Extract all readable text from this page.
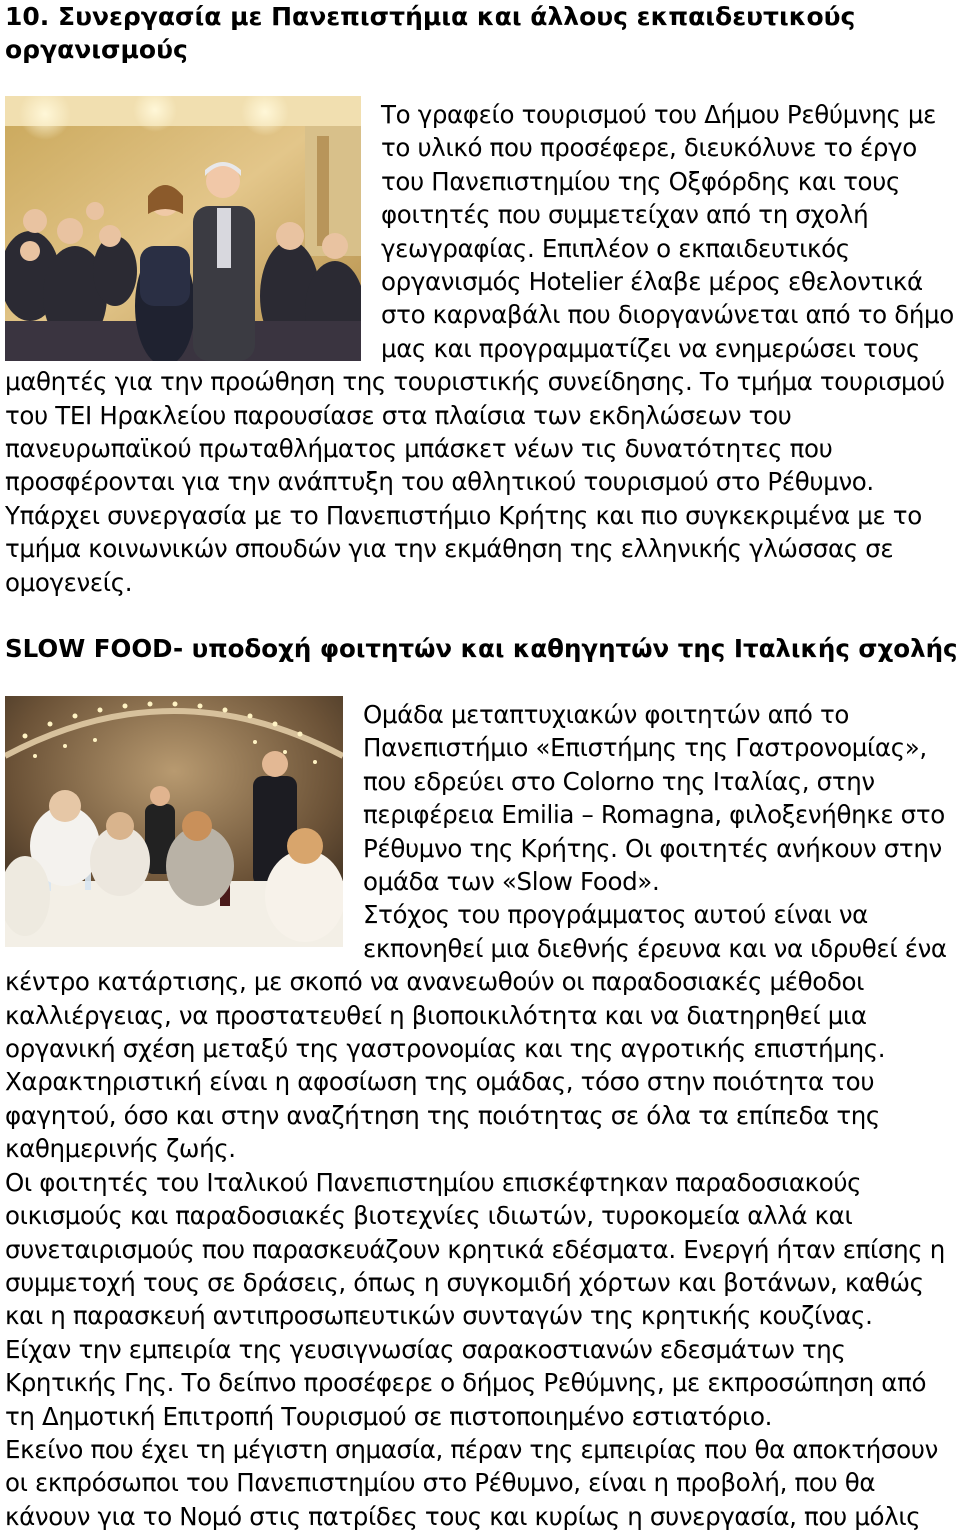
10. Συνεργασία με Πανεπιστήμια και άλλους εκπαιδευτικούς οργανισμούς

Το γραφείο τουρισμού του Δήμου Ρεθύμνης με το υλικό που προσέφερε, διευκόλυνε το έργο του Πανεπιστημίου της Οξφόρδης και τους φοιτητές που συμμετείχαν από τη σχολή γεωγραφίας. Επιπλέον ο εκπαιδευτικός οργανισμός Hotelier έλαβε μέρος εθελοντικά στο καρναβάλι που διοργανώνεται από το δήμο μας και προγραμματίζει να ενημερώσει τους μαθητές για την προώθηση της τουριστικής συνείδησης. Το τμήμα τουρισμού του ΤΕΙ Ηρακλείου παρουσίασε στα πλαίσια των εκδηλώσεων του πανευρωπαϊκού πρωταθλήματος μπάσκετ νέων τις δυνατότητες που προσφέρονται για την ανάπτυξη του αθλητικού τουρισμού στο Ρέθυμνο. Υπάρχει συνεργασία με το Πανεπιστήμιο Κρήτης και πιο συγκεκριμένα με το τμήμα κοινωνικών σπουδών για την εκμάθηση της ελληνικής γλώσσας σε ομογενείς.

SLOW FOOD- υποδοχή φοιτητών και καθηγητών της Ιταλικής σχολής
Ομάδα μεταπτυχιακών φοιτητών από το Πανεπιστήμιο «Επιστήμης της Γαστρονομίας», που εδρεύει στο Colorno της Ιταλίας, στην περιφέρεια Emilia – Romagna, φιλοξενήθηκε στο Ρέθυμνο της Κρήτης. Οι φοιτητές ανήκουν στην ομάδα των «Slow Food».
Στόχος του προγράμματος αυτού είναι να εκπονηθεί μια διεθνής έρευνα και να ιδρυθεί ένα κέντρο κατάρτισης, με σκοπό να ανανεωθούν οι παραδοσιακές μέθοδοι καλλιέργειας, να προστατευθεί η βιοποικιλότητα και να διατηρηθεί μια οργανική σχέση μεταξύ της γαστρονομίας και της αγροτικής επιστήμης.
Χαρακτηριστική είναι η αφοσίωση της ομάδας, τόσο στην ποιότητα του φαγητού, όσο και στην αναζήτηση της ποιότητας σε όλα τα επίπεδα της καθημερινής ζωής.
Οι φοιτητές του Ιταλικού Πανεπιστημίου επισκέφτηκαν παραδοσιακούς οικισμούς και παραδοσιακές βιοτεχνίες ιδιωτών, τυροκομεία αλλά και συνεταιρισμούς που παρασκευάζουν κρητικά εδέσματα. Ενεργή ήταν επίσης η συμμετοχή τους σε δράσεις, όπως η συγκομιδή χόρτων και βοτάνων, καθώς και η παρασκευή αντιπροσωπευτικών συνταγών της κρητικής κουζίνας.
Είχαν την εμπειρία της γευσιγνωσίας σαρακοστιανών εδεσμάτων της Κρητικής Γης. Το δείπνο προσέφερε ο δήμος Ρεθύμνης, με εκπροσώπηση από τη Δημοτική Επιτροπή Τουρισμού σε πιστοποιημένο εστιατόριο.
Εκείνο που έχει τη μέγιστη σημασία, πέραν της εμπειρίας που θα αποκτήσουν οι εκπρόσωποι του Πανεπιστημίου στο Ρέθυμνο, είναι η προβολή, που θα κάνουν για το Νομό στις πατρίδες τους και κυρίως η συνεργασία, που μόλις
